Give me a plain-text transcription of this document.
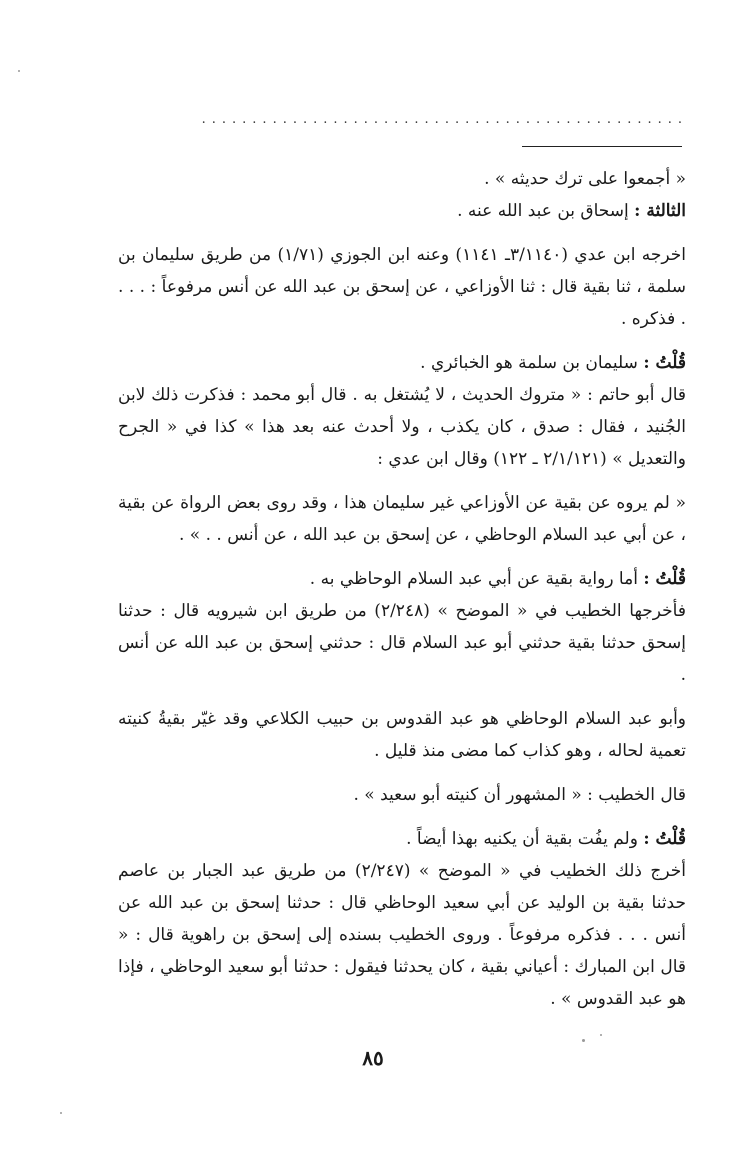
................................................

« أجمعوا على ترك حديثه » .

الثالثة : إسحاق بن عبد الله عنه .

اخرجه ابن عدي (٣/١١٤٠ـ ١١٤١) وعنه ابن الجوزي (١/٧١) من طريق سليمان بن سلمة ، ثنا بقية قال : ثنا الأوزاعي ، عن إسحق بن عبد الله عن أنس مرفوعاً : . . . . فذكره .

قُلْتُ : سليمان بن سلمة هو الخبائري .

قال أبو حاتم : « متروك الحديث ، لا يُشتغل به . قال أبو محمد : فذكرت ذلك لابن الجُنيد ، فقال : صدق ، كان يكذب ، ولا أحدث عنه بعد هذا » كذا في « الجرح والتعديل » (٢/١/١٢١ ـ ١٢٢) وقال ابن عدي :

« لم يروه عن بقية عن الأوزاعي غير سليمان هذا ، وقد روى بعض الرواة عن بقية ، عن أبي عبد السلام الوحاظي ، عن إسحق بن عبد الله ، عن أنس . . » .

قُلْتُ : أما رواية بقية عن أبي عبد السلام الوحاظي به .

فأخرجها الخطيب في « الموضح » (٢/٢٤٨) من طريق ابن شيرويه قال : حدثنا إسحق حدثنا بقية حدثني أبو عبد السلام قال : حدثني إسحق بن عبد الله عن أنس .

وأبو عبد السلام الوحاظي هو عبد القدوس بن حبيب الكلاعي وقد غيّر بقيةُ كنيته تعمية لحاله ، وهو كذاب كما مضى منذ قليل .

قال الخطيب : « المشهور أن كنيته أبو سعيد » .

قُلْتُ : ولم يفُت بقية أن يكنيه بهذا أيضاً .

أخرج ذلك الخطيب في « الموضح » (٢/٢٤٧) من طريق عبد الجبار بن عاصم حدثنا بقية بن الوليد عن أبي سعيد الوحاظي قال : حدثنا إسحق بن عبد الله عن أنس . . . فذكره مرفوعاً . وروى الخطيب بسنده إلى إسحق بن راهوية قال : « قال ابن المبارك : أعياني بقية ، كان يحدثنا فيقول : حدثنا أبو سعيد الوحاظي ، فإذا هو عبد القدوس » .

٨٥
